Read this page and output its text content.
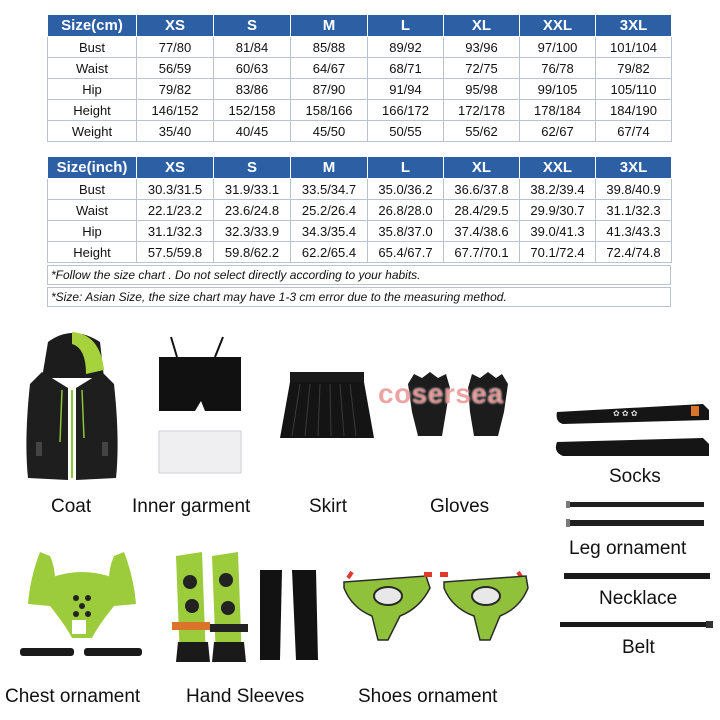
Size(cm)	XS	S	M	L	XL	XXL	3XL
Bust	77/80	81/84	85/88	89/92	93/96	97/100	101/104
Waist	56/59	60/63	64/67	68/71	72/75	76/78	79/82
Hip	79/82	83/86	87/90	91/94	95/98	99/105	105/110
Height	146/152	152/158	158/166	166/172	172/178	178/184	184/190
Weight	35/40	40/45	45/50	50/55	55/62	62/67	67/74
Size(inch)	XS	S	M	L	XL	XXL	3XL
Bust	30.3/31.5	31.9/33.1	33.5/34.7	35.0/36.2	36.6/37.8	38.2/39.4	39.8/40.9
Waist	22.1/23.2	23.6/24.8	25.2/26.4	26.8/28.0	28.4/29.5	29.9/30.7	31.1/32.3
Hip	31.1/32.3	32.3/33.9	34.3/35.4	35.8/37.0	37.4/38.6	39.0/41.3	41.3/43.3
Height	57.5/59.8	59.8/62.2	62.2/65.4	65.4/67.7	67.7/70.1	70.1/72.4	72.4/74.8
*Follow the size chart . Do not select directly according to your habits.
*Size: Asian Size, the size chart may have 1-3 cm error due to the measuring method.
Coat Inner garment	Skirt	Gloves
cosersea
✿ ✿ ✿
Socks
Leg ornament
Necklace
Belt
Chest ornament Hand Sleeves	Shoes ornament
